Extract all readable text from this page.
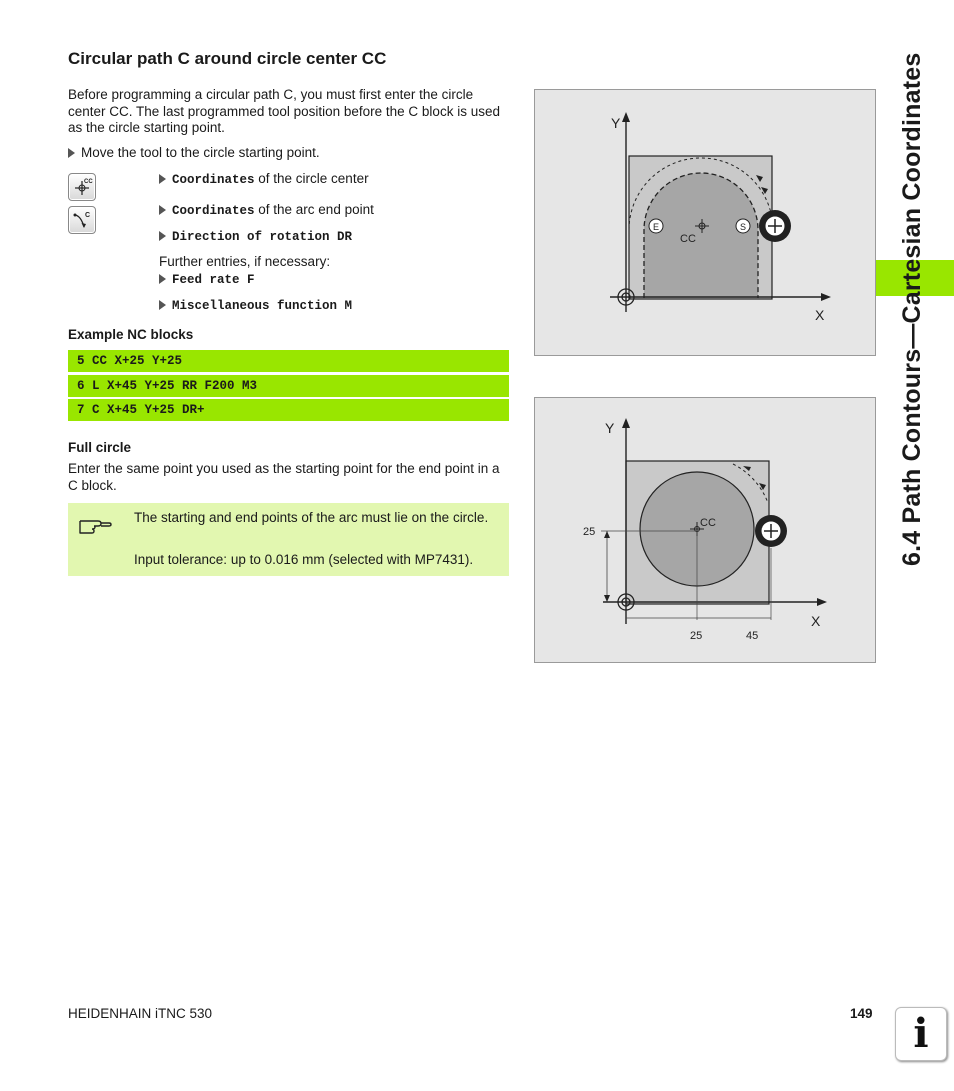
Circular path C around circle center CC
Before programming a circular path C, you must first enter the circle center CC. The last programmed tool position before the C block is used as the circle starting point.
Move the tool to the circle starting point.
CC
C
Coordinates of the circle center
Coordinates of the arc end point
Direction of rotation DR
Further entries, if necessary:
Feed rate F
Miscellaneous function M
Example NC blocks
5 CC X+25 Y+25
6 L X+45 Y+25 RR F200 M3
7 C X+45 Y+25 DR+
Full circle
Enter the same point you used as the starting point for the end point in a C block.
The starting and end points of the arc must lie on the circle.
Input tolerance: up to 0.016 mm (selected with MP7431).
E	S
Y
X
CC
Y
X
CC
25
25	45
6.4 Path Contours—Cartesian Coordinates
HEIDENHAIN iTNC 530	149	i
